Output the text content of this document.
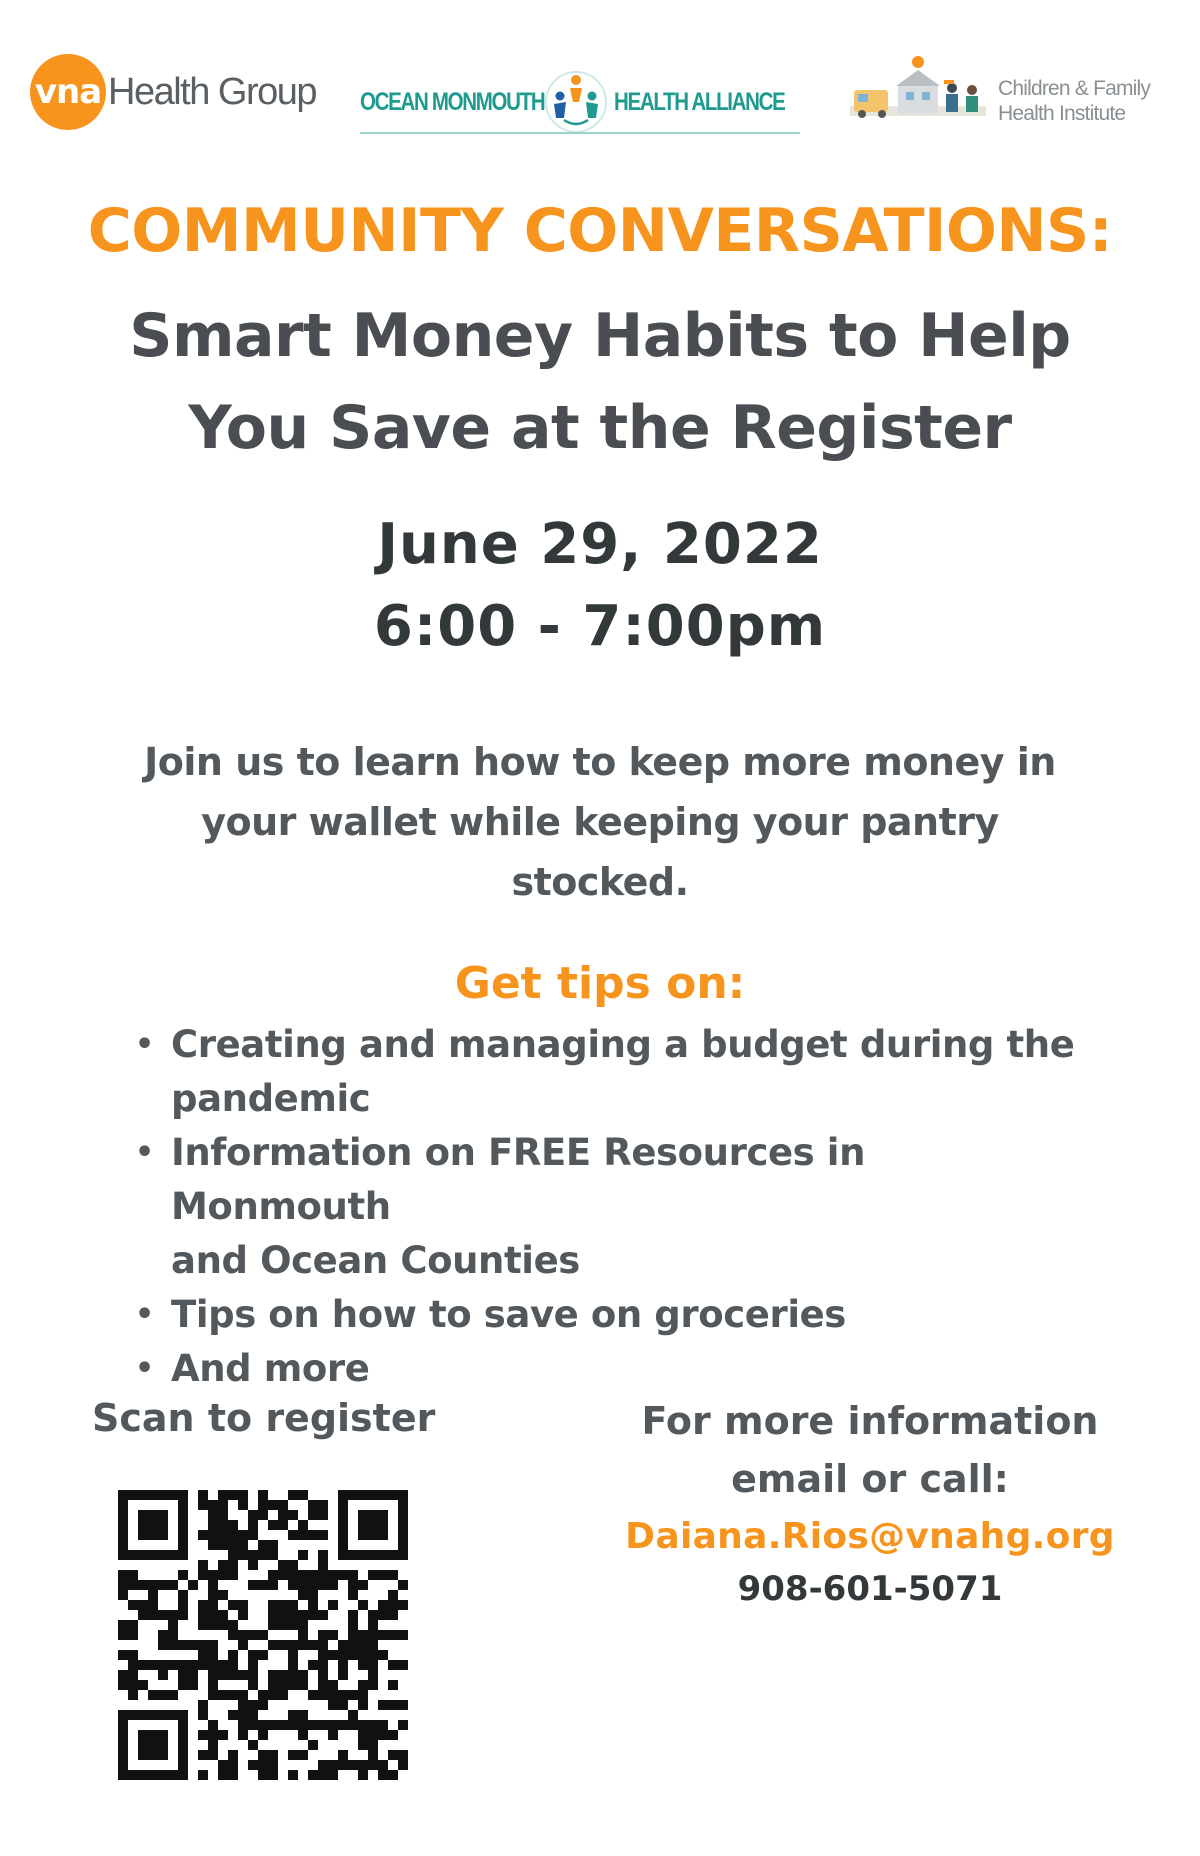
vna Health Group OCEAN MONMOUTH	HEALTH ALLIANCE	Children & Family
Health Institute
COMMUNITY CONVERSATIONS:
Smart Money Habits to Help
You Save at the Register
June 29, 2022
6:00 - 7:00pm
Join us to learn how to keep more money in
your wallet while keeping your pantry
stocked.
Get tips on:
• Creating and managing a budget during the
pandemic
• Information on FREE Resources in Monmouth
and Ocean Counties
• Tips on how to save on groceries
• And more
Scan to register	For more information
email or call:
Daiana.Rios@vnahg.org
908-601-5071
